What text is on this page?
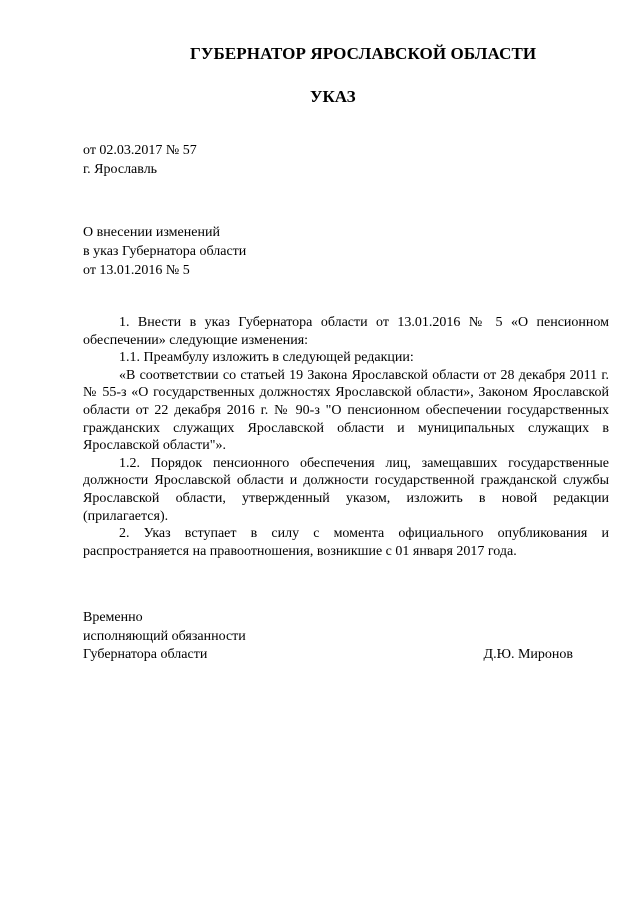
ГУБЕРНАТОР ЯРОСЛАВСКОЙ ОБЛАСТИ
УКАЗ
от 02.03.2017 № 57
г. Ярославль
О внесении изменений
в указ Губернатора области
от 13.01.2016 № 5

1. Внести в указ Губернатора области от 13.01.2016 № 5 «О пенсионном обеспечении» следующие изменения:

1.1. Преамбулу изложить в следующей редакции:

«В соответствии со статьей 19 Закона Ярославской области от 28 декабря 2011 г. № 55-з «О государственных должностях Ярославской области», Законом Ярославской области от 22 декабря 2016 г. № 90-з "О пенсионном обеспечении государственных гражданских служащих Ярославской области и муниципальных служащих в Ярославской области"».

1.2. Порядок пенсионного обеспечения лиц, замещавших государственные должности Ярославской области и должности государственной гражданской службы Ярославской области, утвержденный указом, изложить в новой редакции (прилагается).

2. Указ вступает в силу с момента официального опубликования и распространяется на правоотношения, возникшие с 01 января 2017 года.

Временно
исполняющий обязанности
Губернатора области	Д.Ю. Миронов
